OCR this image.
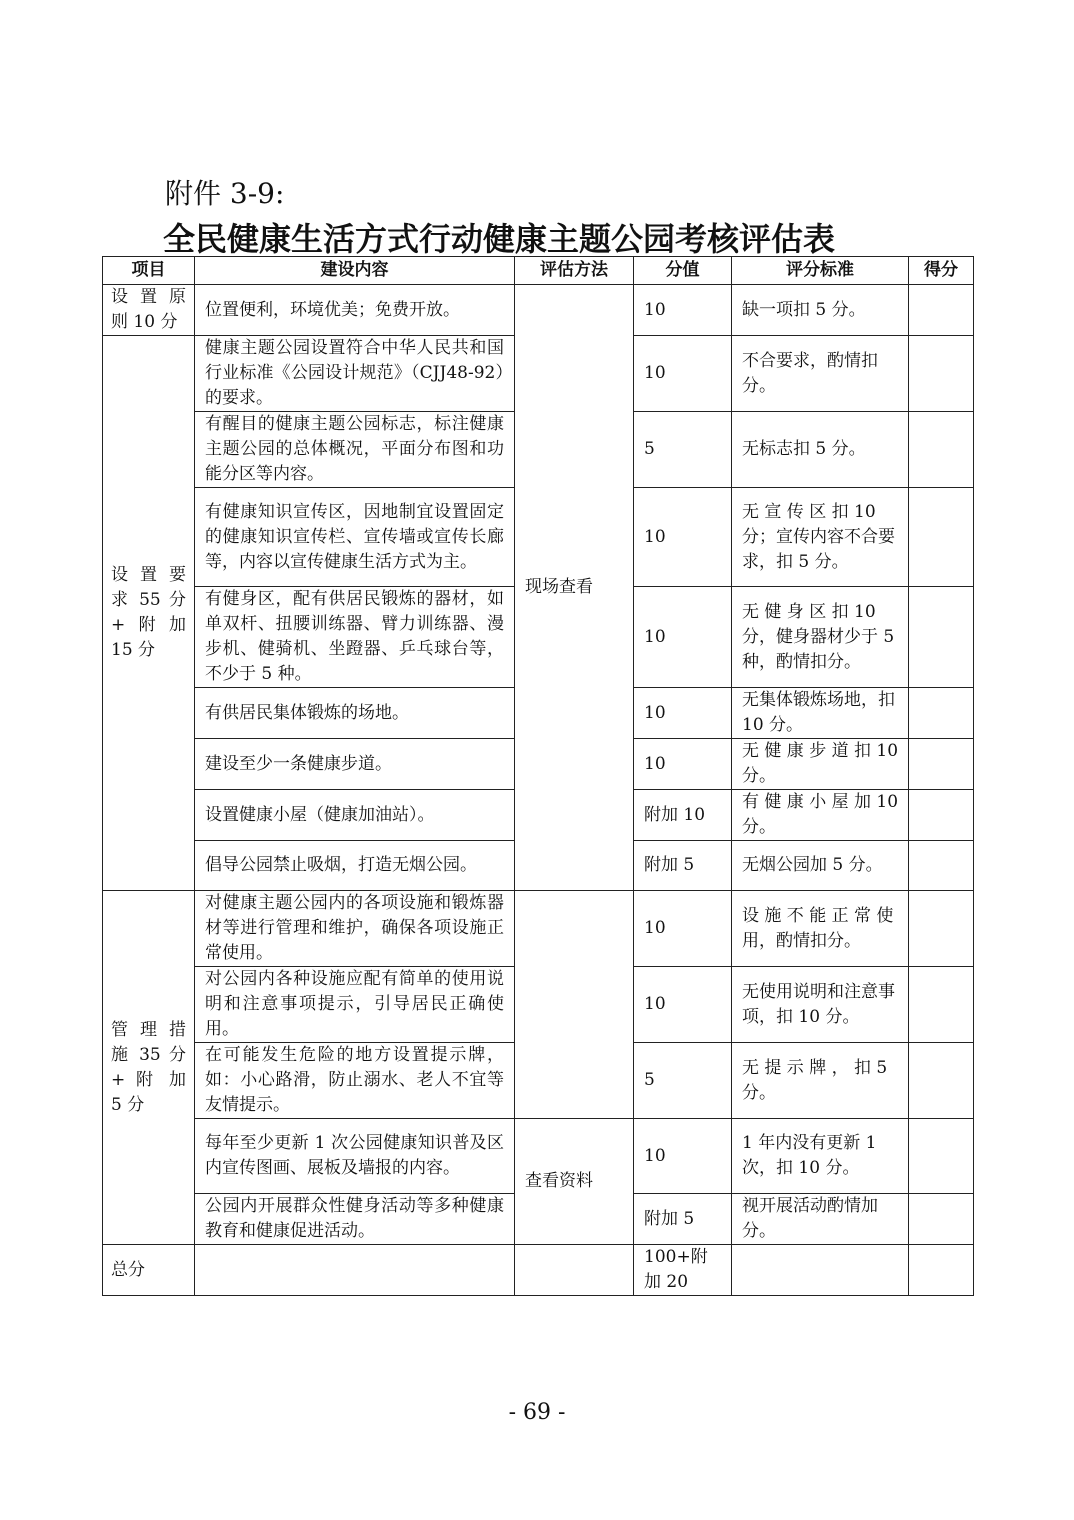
附件 3-9:
全民健康生活方式行动健康主题公园考核评估表
项目	建设内容	评估方法	分值	评分标准	得分
设 置 原 则 10 分	位置便利，环境优美；免费开放。	现场查看	10	缺一项扣 5 分。	
设 置 要 求 55 分 +附加 15 分	健康主题公园设置符合中华人民共和国行业标准《公园设计规范》（CJJ48-92）的要求。		10	不合要求，酌情扣分。	
	有醒目的健康主题公园标志，标注健康主题公园的总体概况，平面分布图和功能分区等内容。		5	无标志扣 5 分。	
	有健康知识宣传区，因地制宜设置固定的健康知识宣传栏、宣传墙或宣传长廊等，内容以宣传健康生活方式为主。		10	无 宣 传 区 扣 10 分；宣传内容不合要求，扣 5 分。	
	有健身区，配有供居民锻炼的器材，如单双杆、扭腰训练器、臂力训练器、漫步机、健骑机、坐蹬器、乒乓球台等，不少于 5 种。		10	无 健 身 区 扣 10 分，健身器材少于 5 种，酌情扣分。	
	有供居民集体锻炼的场地。		10	无集体锻炼场地，扣 10 分。	
	建设至少一条健康步道。		10	无 健 康 步 道 扣 10 分。	
	设置健康小屋（健康加油站）。		附加 10	有 健 康 小 屋 加 10 分。	
	倡导公园禁止吸烟，打造无烟公园。		附加 5	无烟公园加 5 分。	
管 理 措 施 35 分 + 附 加 5 分	对健康主题公园内的各项设施和锻炼器材等进行管理和维护，确保各项设施正常使用。		10	设 施 不 能 正 常 使 用，酌情扣分。	
	对公园内各种设施应配有简单的使用说明和注意事项提示，引导居民正确使用。		10	无使用说明和注意事项，扣 10 分。	
	在可能发生危险的地方设置提示牌，如：小心路滑，防止溺水、老人不宜等友情提示。		5	无 提 示 牌 ， 扣 5 分。	
	每年至少更新 1 次公园健康知识普及区内宣传图画、展板及墙报的内容。	查看资料	10	1 年内没有更新 1 次，扣 10 分。	
	公园内开展群众性健身活动等多种健康教育和健康促进活动。		附加 5	视开展活动酌情加分。	
总分			100+附加 20		
- 69 -
